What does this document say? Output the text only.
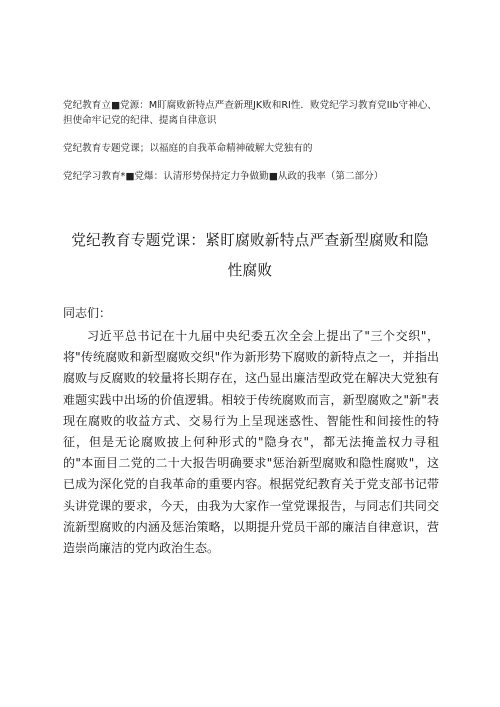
党纪教育立■党源：M盯腐败新特点严查新理JK败和RI性．败党纪学习教育党IIb守神心、担使命牢记党的纪律、提离自律意识
党纪教育专题党课；以福庭的自我革命精神破解大党独有的
党纪学习教育*■党爆：认清形势保持定力争做勤■从政的我率（第二部分）
党纪教育专题党课：紧盯腐败新特点严查新型腐败和隐
性腐败
同志们：

习近平总书记在十九届中央纪委五次全会上提出了"三个交织"，将"传统腐败和新型腐败交织"作为新形势下腐败的新特点之一，并指出腐败与反腐败的较量将长期存在，这凸显出廉洁型政党在解决大党独有难题实践中出场的价值逻辑。相较于传统腐败而言，新型腐败之"新"表现在腐败的收益方式、交易行为上呈现迷惑性、智能性和间接性的特征，但是无论腐败披上何种形式的"隐身衣"，都无法掩盖权力寻租的"本面目二党的二十大报告明确要求"惩治新型腐败和隐性腐败"，这已成为深化党的自我革命的重要内容。根据党纪教育关于党支部书记带头讲党课的要求，今天，由我为大家作一堂党课报告，与同志们共同交流新型腐败的内涵及惩治策略，以期提升党员干部的廉洁自律意识，营造崇尚廉洁的党内政治生态。
